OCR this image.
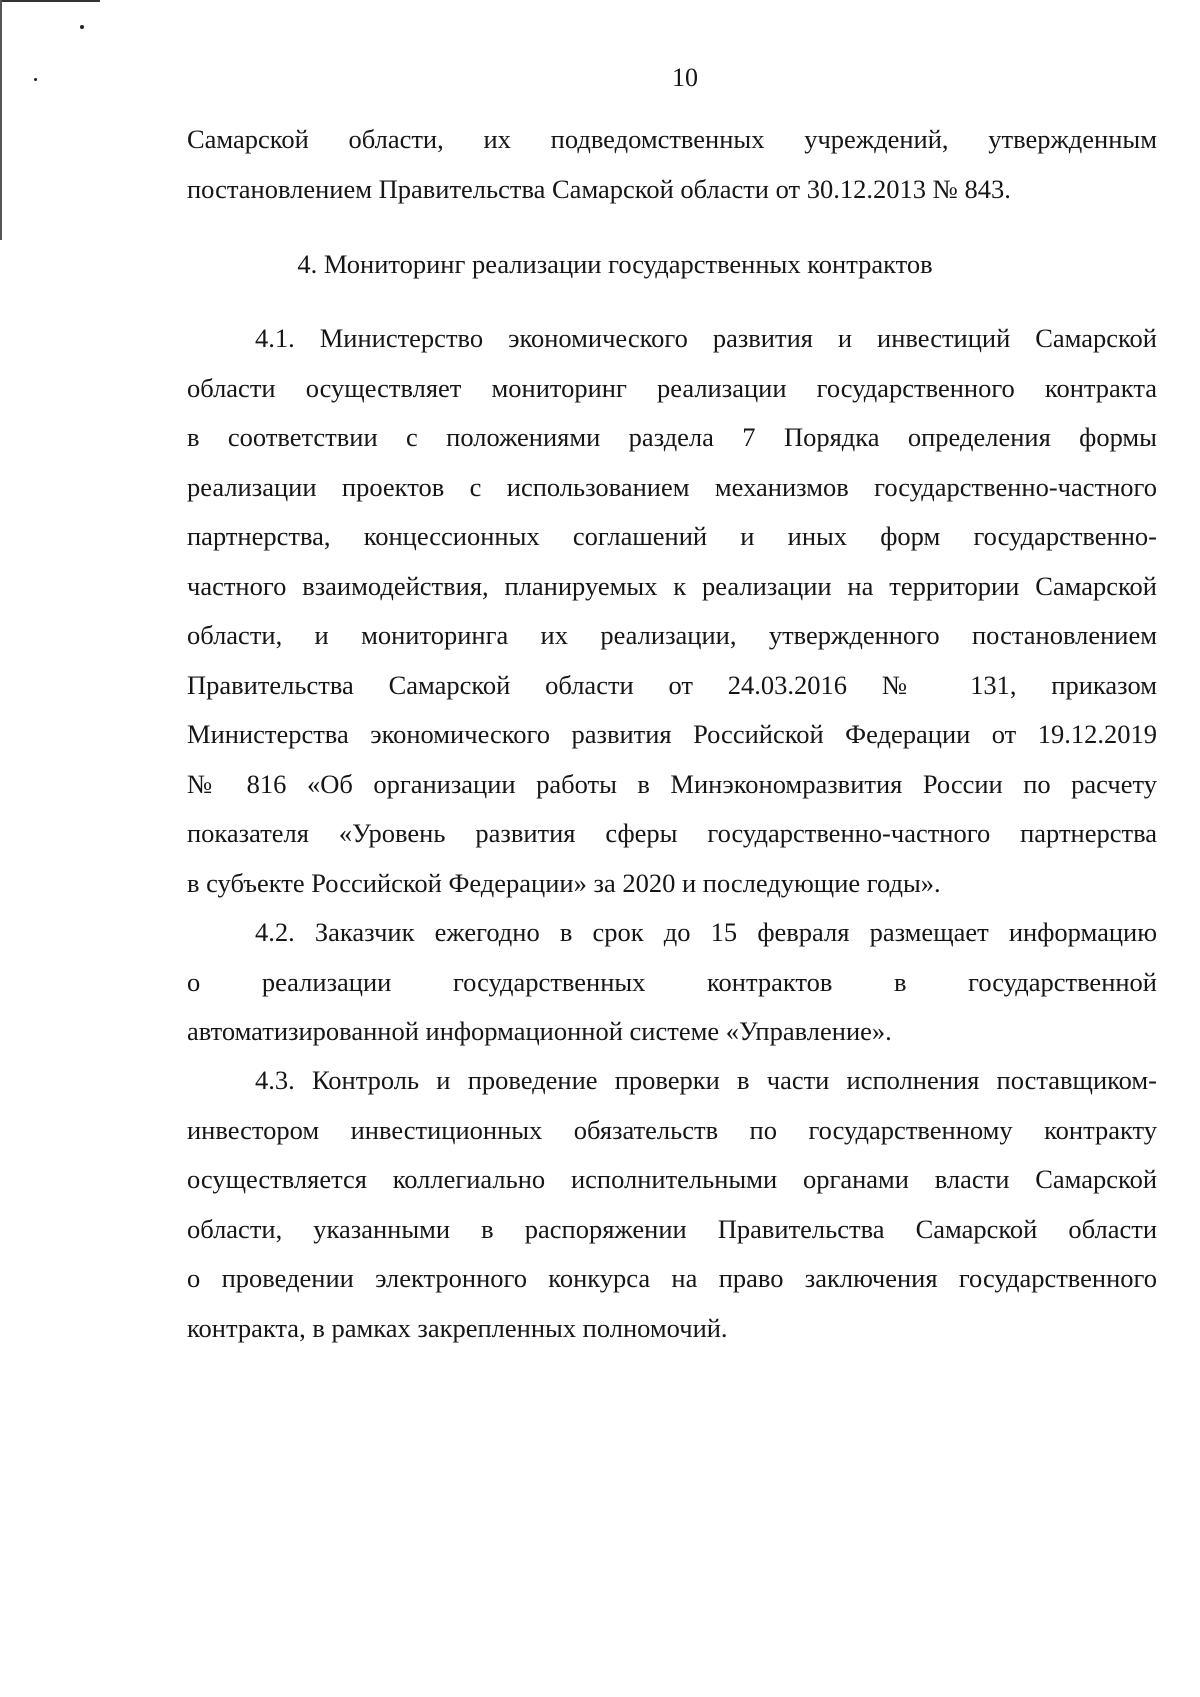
10
Самарской области, их подведомственных учреждений, утвержденным
постановлением Правительства Самарской области от 30.12.2013 № 843.
4. Мониторинг реализации государственных контрактов
4.1. Министерство экономического развития и инвестиций Самарской
области осуществляет мониторинг реализации государственного контракта
в соответствии с положениями раздела 7 Порядка определения формы
реализации проектов с использованием механизмов государственно-частного
партнерства, концессионных соглашений и иных форм государственно-
частного взаимодействия, планируемых к реализации на территории Самарской
области, и мониторинга их реализации, утвержденного постановлением
Правительства Самарской области от 24.03.2016 № 131, приказом
Министерства экономического развития Российской Федерации от 19.12.2019
№ 816 «Об организации работы в Минэкономразвития России по расчету
показателя «Уровень развития сферы государственно-частного партнерства
в субъекте Российской Федерации» за 2020 и последующие годы».
4.2. Заказчик ежегодно в срок до 15 февраля размещает информацию
о реализации государственных контрактов в государственной
автоматизированной информационной системе «Управление».
4.3. Контроль и проведение проверки в части исполнения поставщиком-
инвестором инвестиционных обязательств по государственному контракту
осуществляется коллегиально исполнительными органами власти Самарской
области, указанными в распоряжении Правительства Самарской области
о проведении электронного конкурса на право заключения государственного
контракта, в рамках закрепленных полномочий.
